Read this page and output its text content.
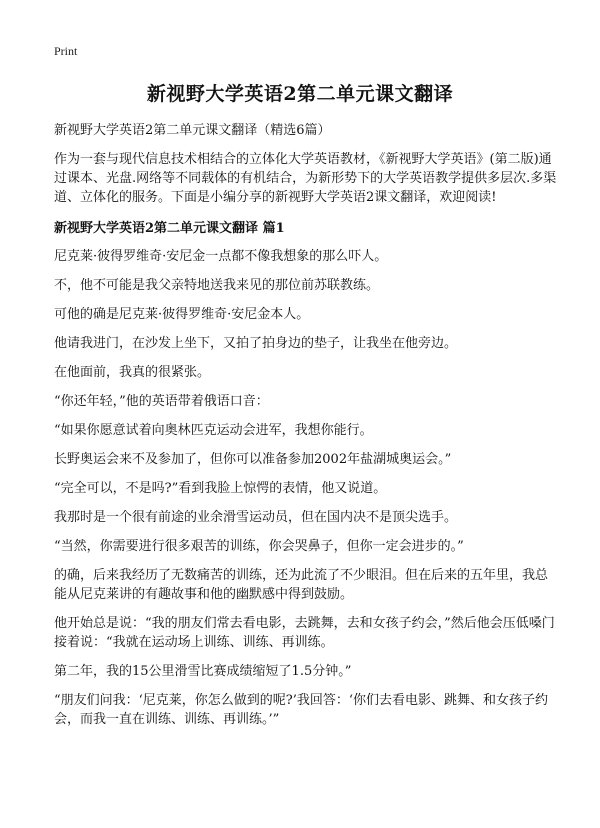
Print
新视野大学英语2第二单元课文翻译

新视野大学英语2第二单元课文翻译（精选6篇）

作为一套与现代信息技术相结合的立体化大学英语教材，《新视野大学英语》(第二版)通过课本、光盘.网络等不同载体的有机结合，为新形势下的大学英语教学提供多层次.多渠道、立体化的服务。下面是小编分享的新视野大学英语2课文翻译，欢迎阅读!

新视野大学英语2第二单元课文翻译 篇1

尼克莱·彼得罗维奇·安尼金一点都不像我想象的那么吓人。

不，他不可能是我父亲特地送我来见的那位前苏联教练。

可他的确是尼克莱·彼得罗维奇·安尼金本人。

他请我进门，在沙发上坐下，又拍了拍身边的垫子，让我坐在他旁边。

在他面前，我真的很紧张。

“你还年轻，”他的英语带着俄语口音：

“如果你愿意试着向奥林匹克运动会进军，我想你能行。

长野奥运会来不及参加了，但你可以准备参加2002年盐湖城奥运会。”

“完全可以，不是吗?”看到我脸上惊愕的表情，他又说道。

我那时是一个很有前途的业余滑雪运动员，但在国内决不是顶尖选手。

“当然，你需要进行很多艰苦的训练，你会哭鼻子，但你一定会进步的。”

的确，后来我经历了无数痛苦的训练，还为此流了不少眼泪。但在后来的五年里，我总能从尼克莱讲的有趣故事和他的幽默感中得到鼓励。

他开始总是说：“我的朋友们常去看电影，去跳舞，去和女孩子约会，”然后他会压低嗓门接着说：“我就在运动场上训练、训练、再训练。

第二年，我的15公里滑雪比赛成绩缩短了1.5分钟。”

“朋友们问我：‘尼克莱，你怎么做到的呢?’我回答：‘你们去看电影、跳舞、和女孩子约会，而我一直在训练、训练、再训练。’”
